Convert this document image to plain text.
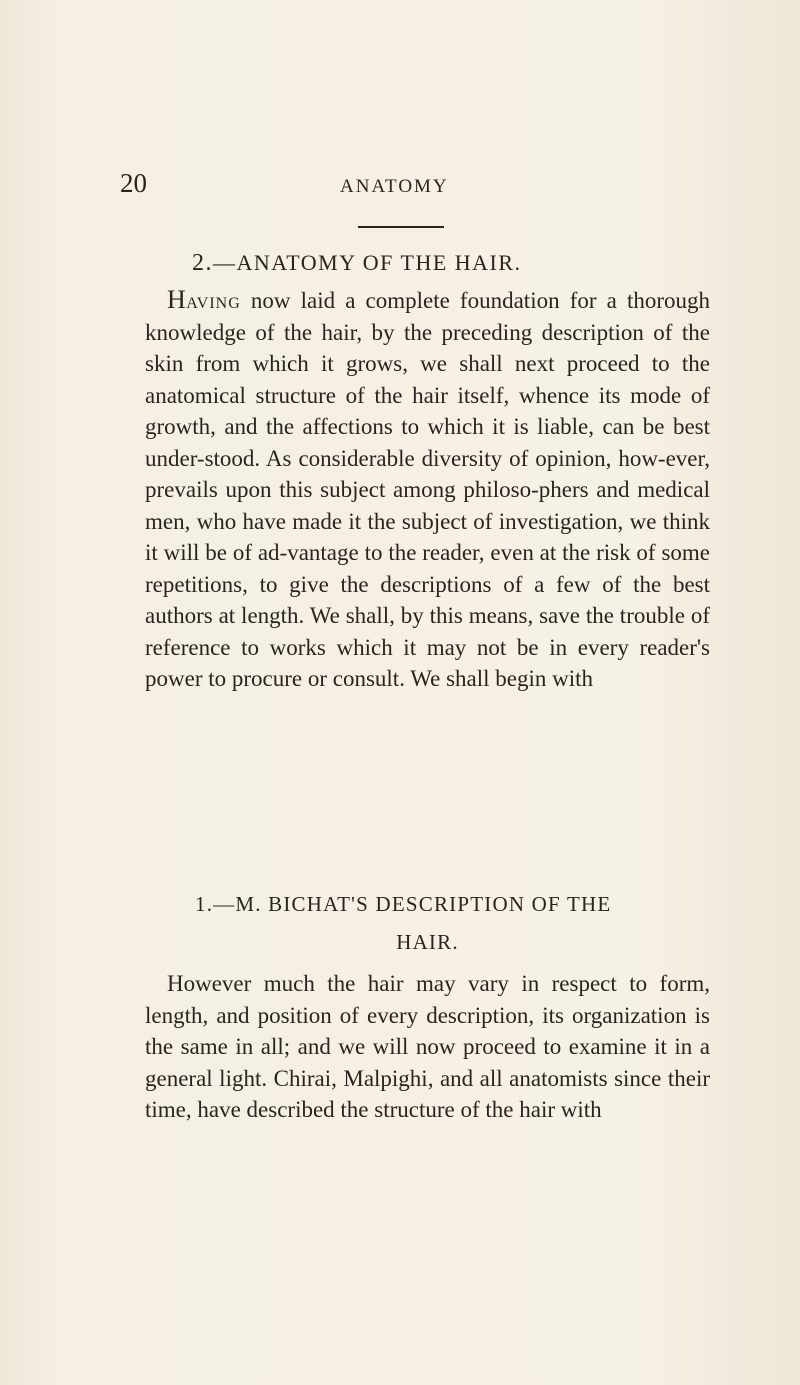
20	ANATOMY
2.—ANATOMY OF THE HAIR.

Having now laid a complete foundation for a thorough knowledge of the hair, by the preceding description of the skin from which it grows, we shall next proceed to the anatomical structure of the hair itself, whence its mode of growth, and the affections to which it is liable, can be best under-stood. As considerable diversity of opinion, how-ever, prevails upon this subject among philoso-phers and medical men, who have made it the subject of investigation, we think it will be of ad-vantage to the reader, even at the risk of some repetitions, to give the descriptions of a few of the best authors at length. We shall, by this means, save the trouble of reference to works which it may not be in every reader's power to procure or consult. We shall begin with

1.—M. BICHAT'S DESCRIPTION OF THE
HAIR.

However much the hair may vary in respect to form, length, and position of every description, its organization is the same in all; and we will now proceed to examine it in a general light. Chirai, Malpighi, and all anatomists since their time, have described the structure of the hair with
